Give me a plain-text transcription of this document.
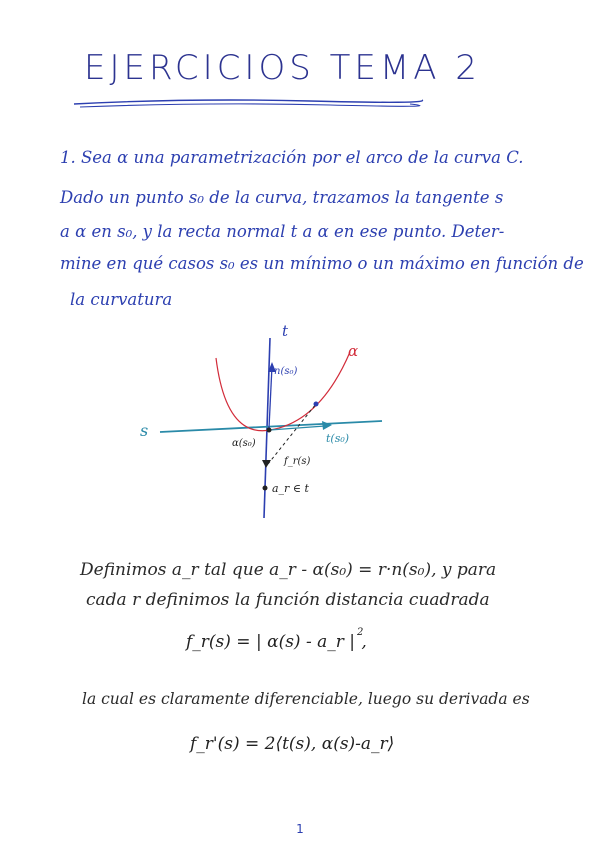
EJERCICIOS TEMA 2
1. Sea α una parametrización por el arco de la curva C.
Dado un punto s₀ de la curva, trazamos la tangente s
a α en s₀, y la recta normal t a α en ese punto. Deter-
mine en qué casos s₀ es un mínimo o un máximo en función de
la curvatura
t
s
α
n(s₀)
t(s₀)
α(s₀)
f_r(s)
a_r ∈ t
Definimos a_r tal que a_r - α(s₀) = r·n(s₀), y para
cada r definimos la función distancia cuadrada
f_r(s) = | α(s) - a_r | $^2$,
la cual es claramente diferenciable, luego su derivada es
f_r'(s) = 2⟨t(s), α(s)-a_r⟩
1
